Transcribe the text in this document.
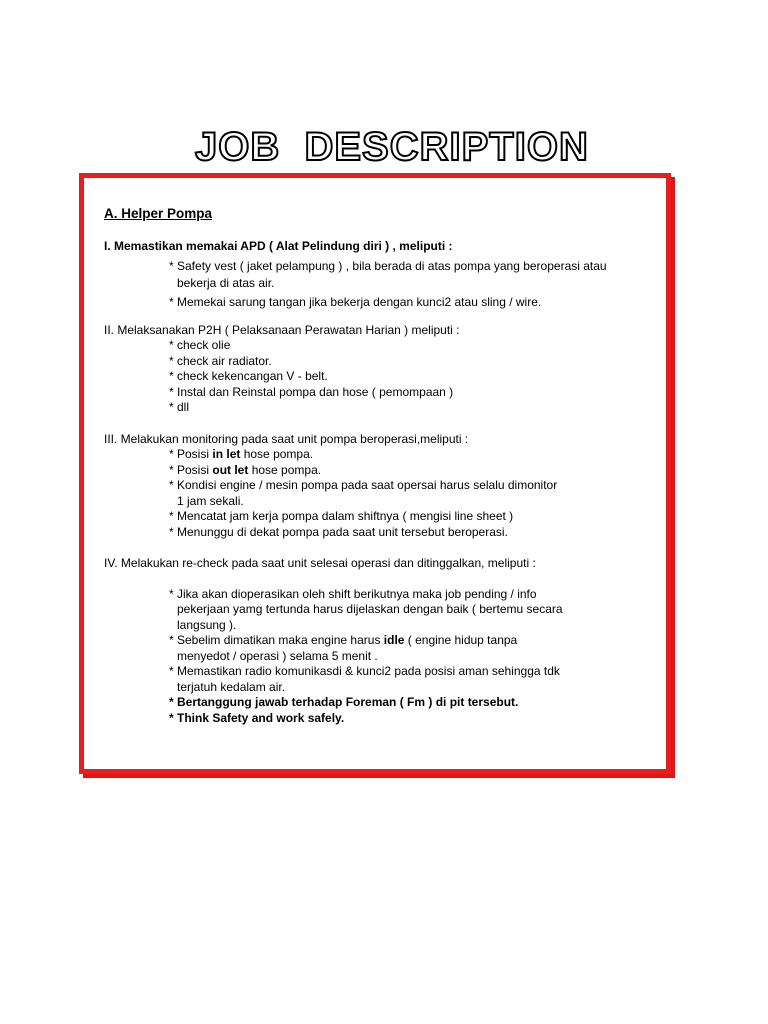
JOB  DESCRIPTION
A. Helper Pompa
I. Memastikan memakai APD ( Alat Pelindung diri ) , meliputi :
* Safety vest ( jaket pelampung ) , bila berada di atas pompa yang beroperasi atau
bekerja di atas air.
* Memekai sarung tangan jika bekerja dengan kunci2 atau sling / wire.
II. Melaksanakan P2H ( Pelaksanaan Perawatan Harian ) meliputi :
* check olie
* check air radiator.
* check kekencangan V - belt.
* Instal dan Reinstal pompa dan hose ( pemompaan )
* dll
III. Melakukan monitoring pada saat unit pompa beroperasi,meliputi :
* Posisi in let hose pompa.
* Posisi out let hose pompa.
* Kondisi engine / mesin pompa pada saat opersai harus selalu dimonitor
1 jam sekali.
* Mencatat jam kerja pompa dalam shiftnya ( mengisi line sheet )
* Menunggu di dekat pompa pada saat unit tersebut beroperasi.
IV. Melakukan re-check pada saat unit selesai operasi dan ditinggalkan, meliputi :
* Jika akan dioperasikan oleh shift berikutnya maka job pending / info
pekerjaan yamg tertunda harus dijelaskan dengan baik ( bertemu secara
langsung ).
* Sebelim dimatikan maka engine harus idle ( engine hidup tanpa
menyedot / operasi ) selama 5 menit .
* Memastikan radio komunikasdi & kunci2 pada posisi aman sehingga tdk
terjatuh kedalam air.
* Bertanggung jawab terhadap Foreman ( Fm ) di pit tersebut.
* Think Safety and work safely.
